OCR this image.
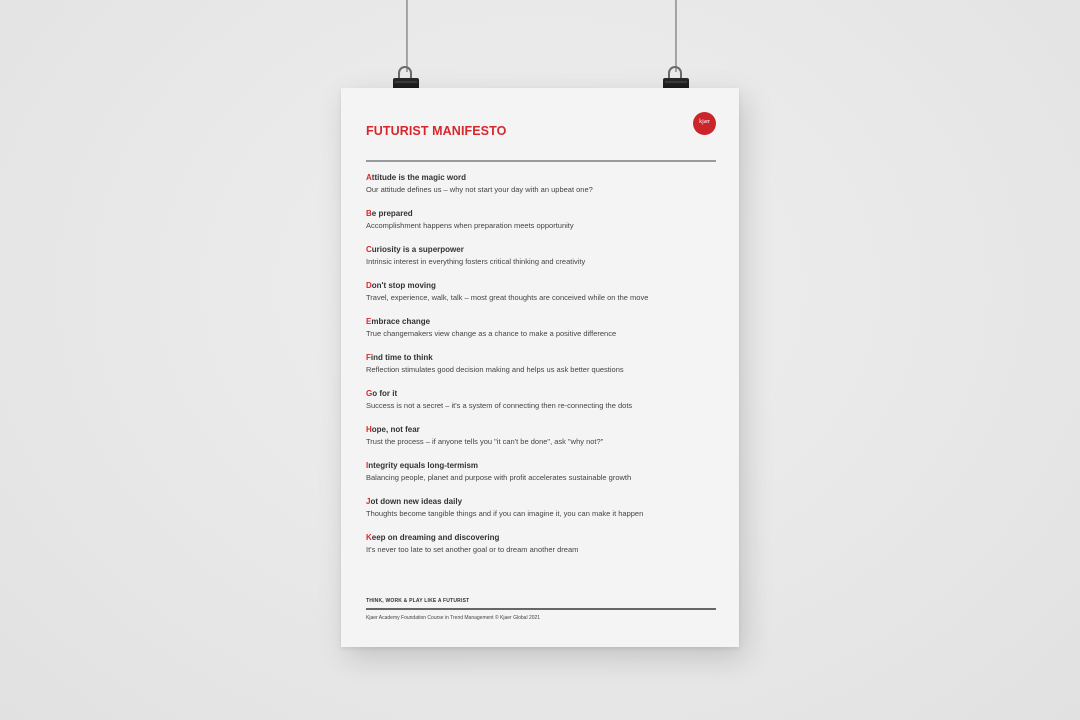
FUTURIST MANIFESTO
kjær
Attitude is the magic word
Our attitude defines us – why not start your day with an upbeat one?
Be prepared
Accomplishment happens when preparation meets opportunity
Curiosity is a superpower
Intrinsic interest in everything fosters critical thinking and creativity
Don't stop moving
Travel, experience, walk, talk – most great thoughts are conceived while on the move
Embrace change
True changemakers view change as a chance to make a positive difference
Find time to think
Reflection stimulates good decision making and helps us ask better questions
Go for it
Success is not a secret – it's a system of connecting then re-connecting the dots
Hope, not fear
Trust the process – if anyone tells you "it can't be done", ask "why not?"
Integrity equals long-termism
Balancing people, planet and purpose with profit accelerates sustainable growth
Jot down new ideas daily
Thoughts become tangible things and if you can imagine it, you can make it happen
Keep on dreaming and discovering
It's never too late to set another goal or to dream another dream
THINK, WORK & PLAY LIKE A FUTURIST
Kjaer Academy Foundation Course in Trend Management © Kjaer Global 2021
